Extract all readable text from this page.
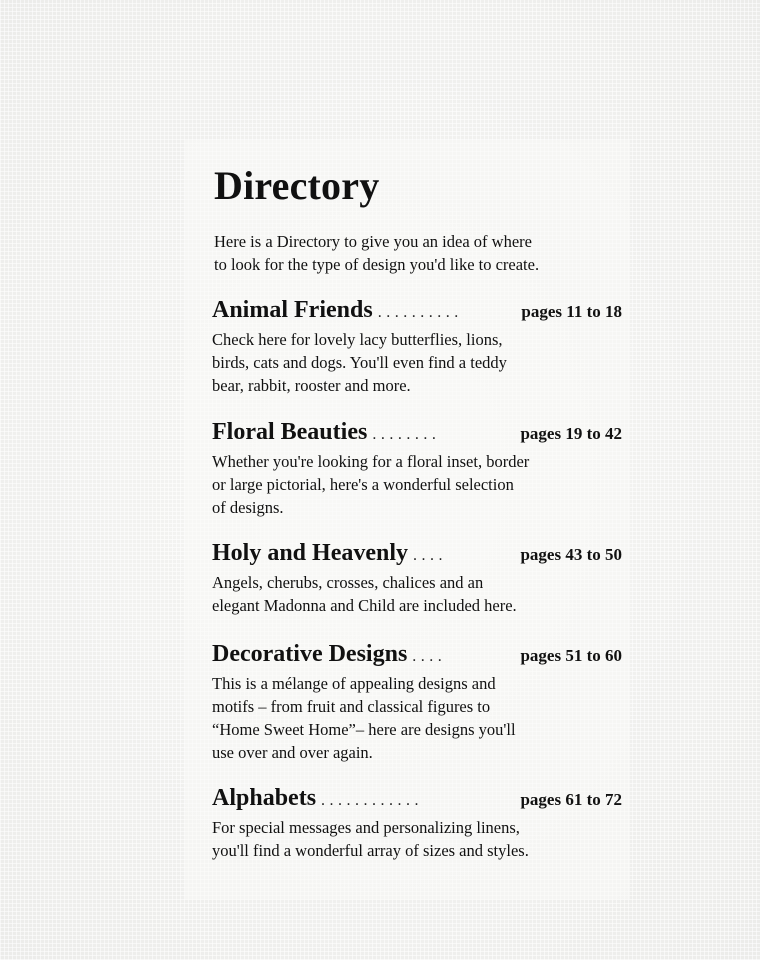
Directory

Here is a Directory to give you an idea of where
to look for the type of design you'd like to create.

Animal Friends ..........	pages 11 to 18

Check here for lovely lacy butterflies, lions,
birds, cats and dogs. You'll even find a teddy
bear, rabbit, rooster and more.

Floral Beauties ........	pages 19 to 42

Whether you're looking for a floral inset, border
or large pictorial, here's a wonderful selection
of designs.

Holy and Heavenly ....	pages 43 to 50

Angels, cherubs, crosses, chalices and an
elegant Madonna and Child are included here.

Decorative Designs ....	pages 51 to 60

This is a mélange of appealing designs and
motifs – from fruit and classical figures to
“Home Sweet Home”– here are designs you'll
use over and over again.

Alphabets ............	pages 61 to 72

For special messages and personalizing linens,
you'll find a wonderful array of sizes and styles.
